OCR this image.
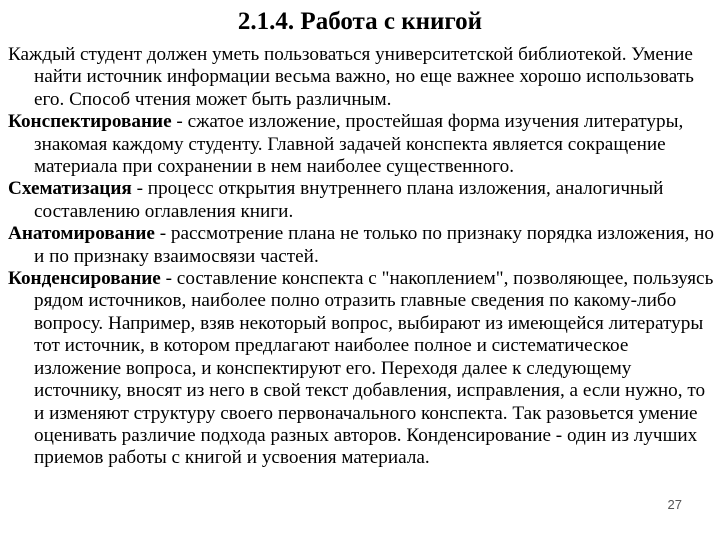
2.1.4. Работа с книгой

Каждый студент должен уметь пользоваться университетской библиотекой. Умение найти источник информации весьма важно, но еще важнее хорошо использовать его. Способ чтения может быть различным.

Конспектирование - сжатое изложение, простейшая форма изучения литературы, знакомая каждому студенту. Главной задачей конспекта является сокращение материала при сохранении в нем наиболее существенного.

Схематизация - процесс открытия внутреннего плана изложения, аналогичный составлению оглавления книги.

Анатомирование - рассмотрение плана не только по признаку порядка изложения, но и по признаку взаимосвязи частей.

Конденсирование - составление конспекта с "накоплением", позволяющее, пользуясь рядом источников, наиболее полно отразить главные сведения по какому-либо вопросу. Например, взяв некоторый вопрос, выбирают из имеющейся литературы тот источник, в котором предлагают наиболее полное и систематическое изложение вопроса, и конспектируют его. Переходя далее к следующему источнику, вносят из него в свой текст добавления, исправления, а если нужно, то и изменяют структуру своего первоначального конспекта. Так разовьется умение оценивать различие подхода разных авторов. Конденсирование - один из лучших приемов работы с книгой и усвоения материала.

27
